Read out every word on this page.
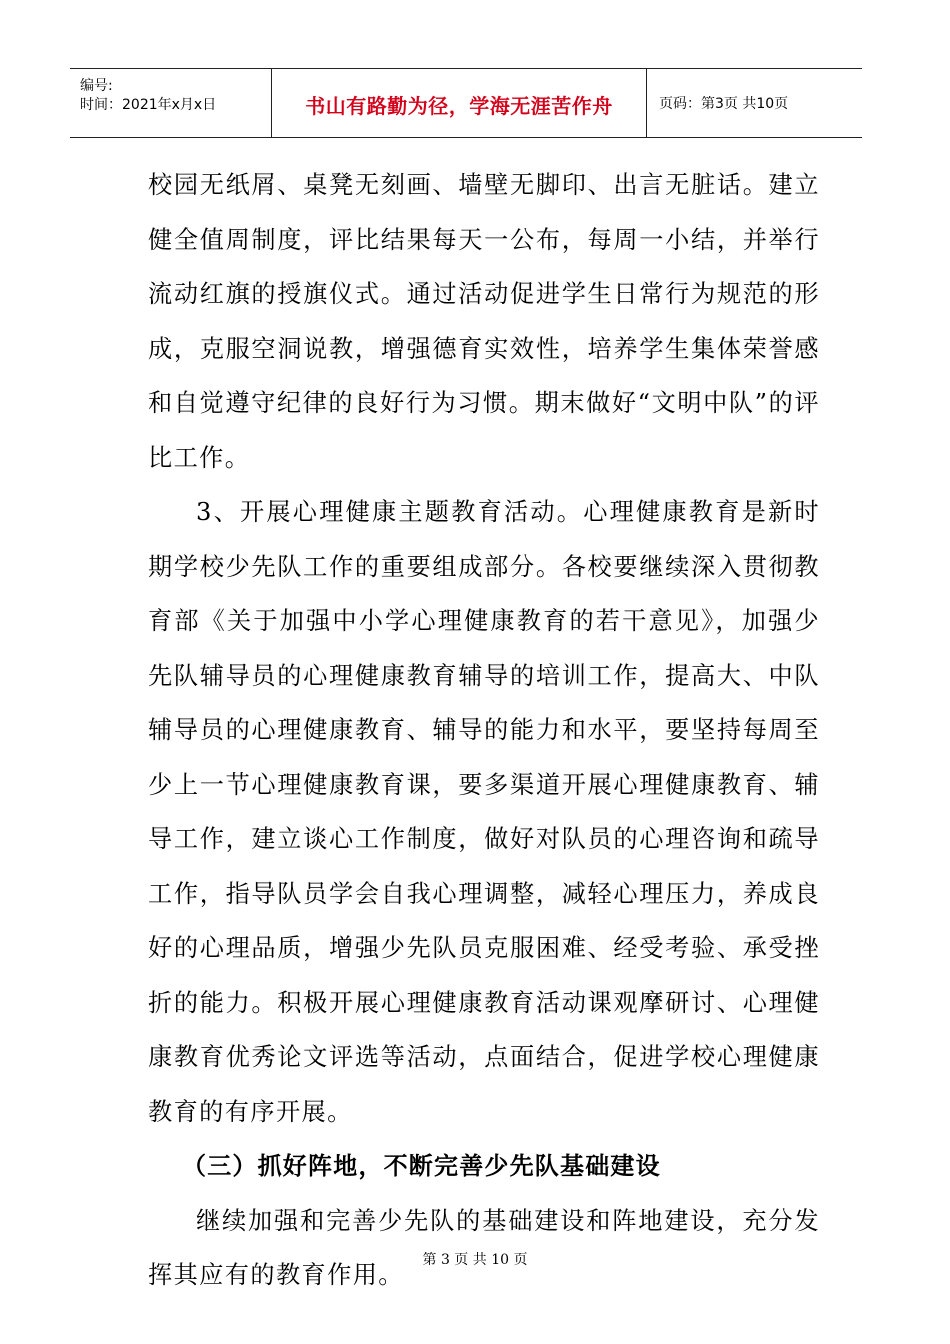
编号:
时间：2021年x月x日	书山有路勤为径，学海无涯苦作舟	页码：第3页 共10页

校园无纸屑、桌凳无刻画、墙壁无脚印、出言无脏话。建立健全值周制度，评比结果每天一公布，每周一小结，并举行流动红旗的授旗仪式。通过活动促进学生日常行为规范的形成，克服空洞说教，增强德育实效性，培养学生集体荣誉感和自觉遵守纪律的良好行为习惯。期末做好“文明中队”的评比工作。

3、开展心理健康主题教育活动。心理健康教育是新时期学校少先队工作的重要组成部分。各校要继续深入贯彻教育部《关于加强中小学心理健康教育的若干意见》，加强少先队辅导员的心理健康教育辅导的培训工作，提高大、中队辅导员的心理健康教育、辅导的能力和水平，要坚持每周至少上一节心理健康教育课，要多渠道开展心理健康教育、辅导工作，建立谈心工作制度，做好对队员的心理咨询和疏导工作，指导队员学会自我心理调整，减轻心理压力，养成良好的心理品质，增强少先队员克服困难、经受考验、承受挫折的能力。积极开展心理健康教育活动课观摩研讨、心理健康教育优秀论文评选等活动，点面结合，促进学校心理健康教育的有序开展。

（三）抓好阵地，不断完善少先队基础建设

继续加强和完善少先队的基础建设和阵地建设，充分发挥其应有的教育作用。

第 3 页 共 10 页
